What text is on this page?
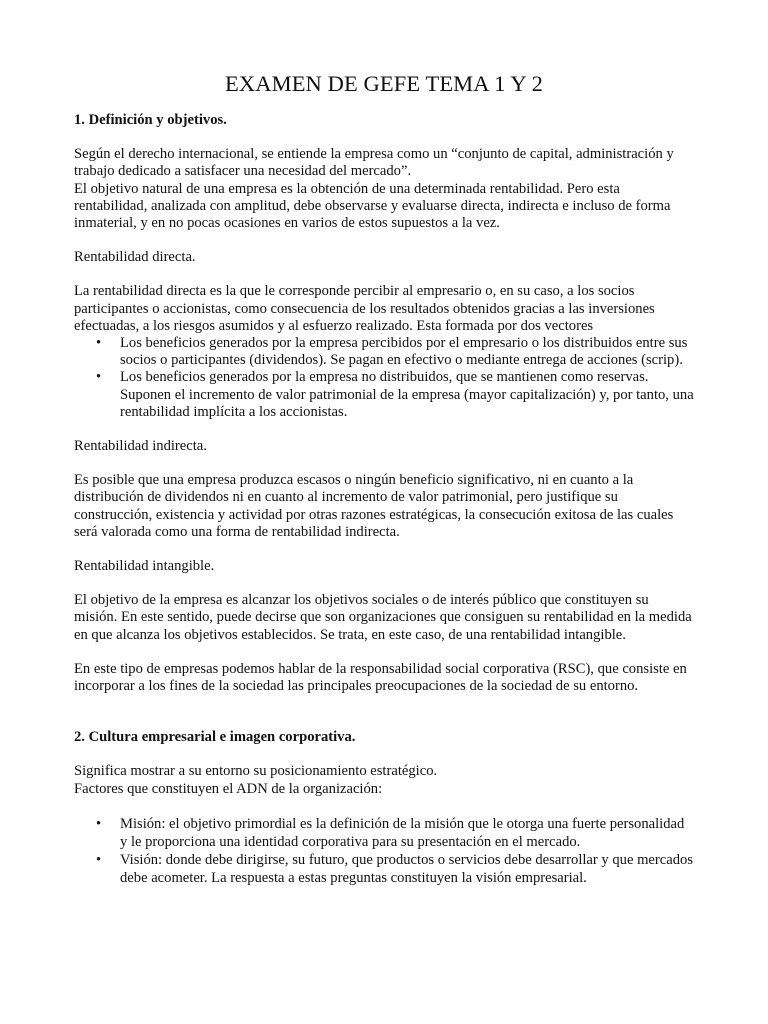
EXAMEN DE GEFE TEMA 1 Y 2

1. Definición y objetivos.

Según el derecho internacional, se entiende la empresa como un “conjunto de capital, administración y trabajo dedicado a satisfacer una necesidad del mercado”.

El objetivo natural de una empresa es la obtención de una determinada rentabilidad. Pero esta rentabilidad, analizada con amplitud, debe observarse y evaluarse directa, indirecta e incluso de forma inmaterial, y en no pocas ocasiones en varios de estos supuestos a la vez.

Rentabilidad directa.

La rentabilidad directa es la que le corresponde percibir al empresario o, en su caso, a los socios participantes o accionistas, como consecuencia de los resultados obtenidos gracias a las inversiones efectuadas, a los riesgos asumidos y al esfuerzo realizado. Esta formada por dos vectores

• Los beneficios generados por la empresa percibidos por el empresario o los distribuidos entre sus socios o participantes (dividendos). Se pagan en efectivo o mediante entrega de acciones (scrip).
• Los beneficios generados por la empresa no distribuidos, que se mantienen como reservas. Suponen el incremento de valor patrimonial de la empresa (mayor capitalización) y, por tanto, una rentabilidad implícita a los accionistas.

Rentabilidad indirecta.

Es posible que una empresa produzca escasos o ningún beneficio significativo, ni en cuanto a la distribución de dividendos ni en cuanto al incremento de valor patrimonial, pero justifique su construcción, existencia y actividad por otras razones estratégicas, la consecución exitosa de las cuales será valorada como una forma de rentabilidad indirecta.

Rentabilidad intangible.

El objetivo de la empresa es alcanzar los objetivos sociales o de interés público que constituyen su misión. En este sentido, puede decirse que son organizaciones que consiguen su rentabilidad en la medida en que alcanza los objetivos establecidos. Se trata, en este caso, de una rentabilidad intangible.

En este tipo de empresas podemos hablar de la responsabilidad social corporativa (RSC), que consiste en incorporar a los fines de la sociedad las principales preocupaciones de la sociedad de su entorno.

2. Cultura empresarial e imagen corporativa.

Significa mostrar a su entorno su posicionamiento estratégico.

Factores que constituyen el ADN de la organización:

• Misión: el objetivo primordial es la definición de la misión que le otorga una fuerte personalidad y le proporciona una identidad corporativa para su presentación en el mercado.
• Visión: donde debe dirigirse, su futuro, que productos o servicios debe desarrollar y que mercados debe acometer. La respuesta a estas preguntas constituyen la visión empresarial.
